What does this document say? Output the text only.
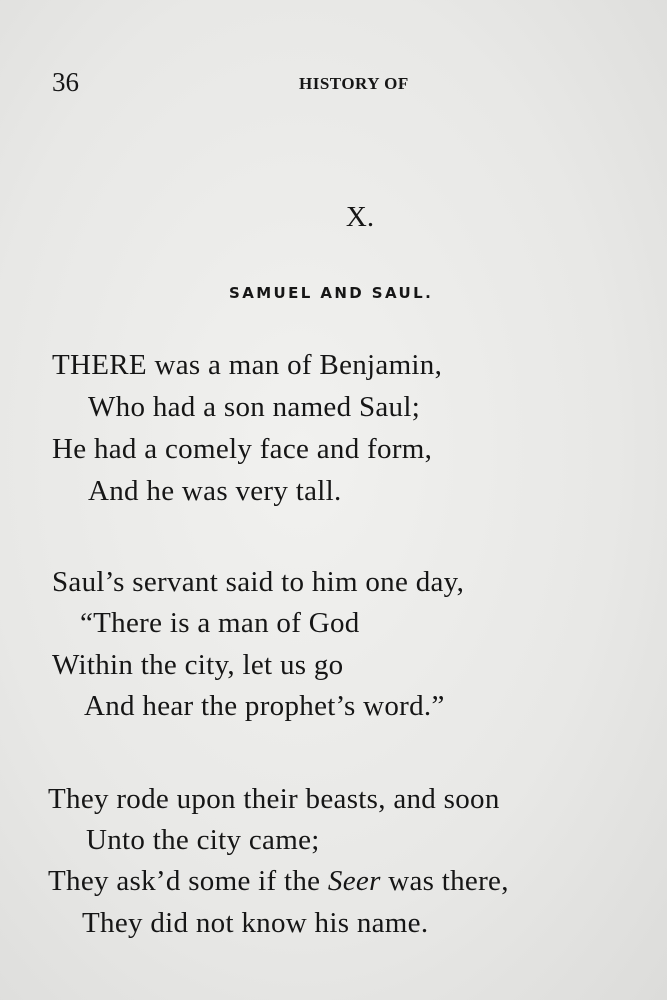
36	HISTORY OF
X.
SAMUEL AND SAUL.
THERE was a man of Benjamin,
Who had a son named Saul;
He had a comely face and form,
And he was very tall.
Saul’s servant said to him one day,
“There is a man of God
Within the city, let us go
And hear the prophet’s word.”
They rode upon their beasts, and soon
Unto the city came;
They ask’d some if the Seer was there,
They did not know his name.
